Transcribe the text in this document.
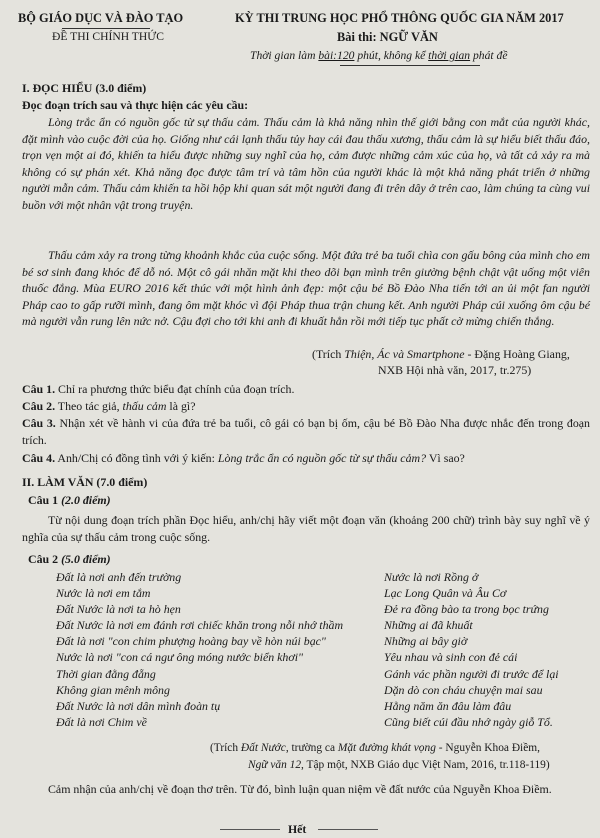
BỘ GIÁO DỤC VÀ ĐÀO TẠO
ĐỀ THI CHÍNH THỨC
KỲ THI TRUNG HỌC PHỔ THÔNG QUỐC GIA NĂM 2017
Bài thi: NGỮ VĂN
Thời gian làm bài:120 phút, không kể thời gian phát đề
I. ĐỌC HIỂU (3.0 điểm)
Đọc đoạn trích sau và thực hiện các yêu cầu:
Lòng trắc ẩn có nguồn gốc từ sự thấu cảm. Thấu cảm là khả năng nhìn thế giới bằng con mắt của người khác, đặt mình vào cuộc đời của họ. Giống như cái lạnh thấu tủy hay cái đau thấu xương, thấu cảm là sự hiểu biết thấu đáo, trọn vẹn một ai đó, khiến ta hiểu được những suy nghĩ của họ, cảm được những cảm xúc của họ, và tất cả xảy ra mà không có sự phán xét. Khả năng đọc được tâm trí và tâm hồn của người khác là một khả năng phát triển ở những người mẫn cảm. Thấu cảm khiến ta hồi hộp khi quan sát một người đang đi trên dây ở trên cao, làm chúng ta cùng vui buồn với một nhân vật trong truyện.
Thấu cảm xảy ra trong từng khoảnh khắc của cuộc sống. Một đứa trẻ ba tuổi chìa con gấu bông của mình cho em bé sơ sinh đang khóc để dỗ nó. Một cô gái nhăn mặt khi theo dõi bạn mình trên giường bệnh chật vật uống một viên thuốc đắng. Mùa EURO 2016 kết thúc với một hình ảnh đẹp: một cậu bé Bồ Đào Nha tiến tới an ủi một fan người Pháp cao to gấp rưỡi mình, đang ôm mặt khóc vì đội Pháp thua trận chung kết. Anh người Pháp cúi xuống ôm cậu bé mà người vẫn rung lên nức nở. Cậu đợi cho tới khi anh đi khuất hẳn rồi mới tiếp tục phất cờ mừng chiến thắng.
(Trích Thiện, Ác và Smartphone - Đặng Hoàng Giang,
NXB Hội nhà văn, 2017, tr.275)
Câu 1. Chỉ ra phương thức biểu đạt chính của đoạn trích.
Câu 2. Theo tác giả, thấu cảm là gì?
Câu 3. Nhận xét về hành vi của đứa trẻ ba tuổi, cô gái có bạn bị ốm, cậu bé Bồ Đào Nha được nhắc đến trong đoạn trích.
Câu 4. Anh/Chị có đồng tình với ý kiến: Lòng trắc ẩn có nguồn gốc từ sự thấu cảm? Vì sao?
II. LÀM VĂN (7.0 điểm)
Câu 1 (2.0 điểm)
Từ nội dung đoạn trích phần Đọc hiểu, anh/chị hãy viết một đoạn văn (khoảng 200 chữ) trình bày suy nghĩ về ý nghĩa của sự thấu cảm trong cuộc sống.
Câu 2 (5.0 điểm)
Đất là nơi anh đến trường
Nước là nơi em tắm
Đất Nước là nơi ta hò hẹn
Đất Nước là nơi em đánh rơi chiếc khăn trong nỗi nhớ thầm
Đất là nơi "con chim phượng hoàng bay về hòn núi bạc"
Nước là nơi "con cá ngư ông móng nước biển khơi"
Thời gian đằng đẵng
Không gian mênh mông
Đất Nước là nơi dân mình đoàn tụ
Đất là nơi Chim về
Nước là nơi Rồng ở
Lạc Long Quân và Âu Cơ
Đẻ ra đồng bào ta trong bọc trứng
Những ai đã khuất
Những ai bây giờ
Yêu nhau và sinh con đẻ cái
Gánh vác phần người đi trước để lại
Dặn dò con cháu chuyện mai sau
Hằng năm ăn đâu làm đâu
Cũng biết cúi đầu nhớ ngày giỗ Tổ.
(Trích Đất Nước, trường ca Mặt đường khát vọng - Nguyễn Khoa Điềm,
Ngữ văn 12, Tập một, NXB Giáo dục Việt Nam, 2016, tr.118-119)
Cảm nhận của anh/chị về đoạn thơ trên. Từ đó, bình luận quan niệm về đất nước của Nguyễn Khoa Điềm.
Hết
